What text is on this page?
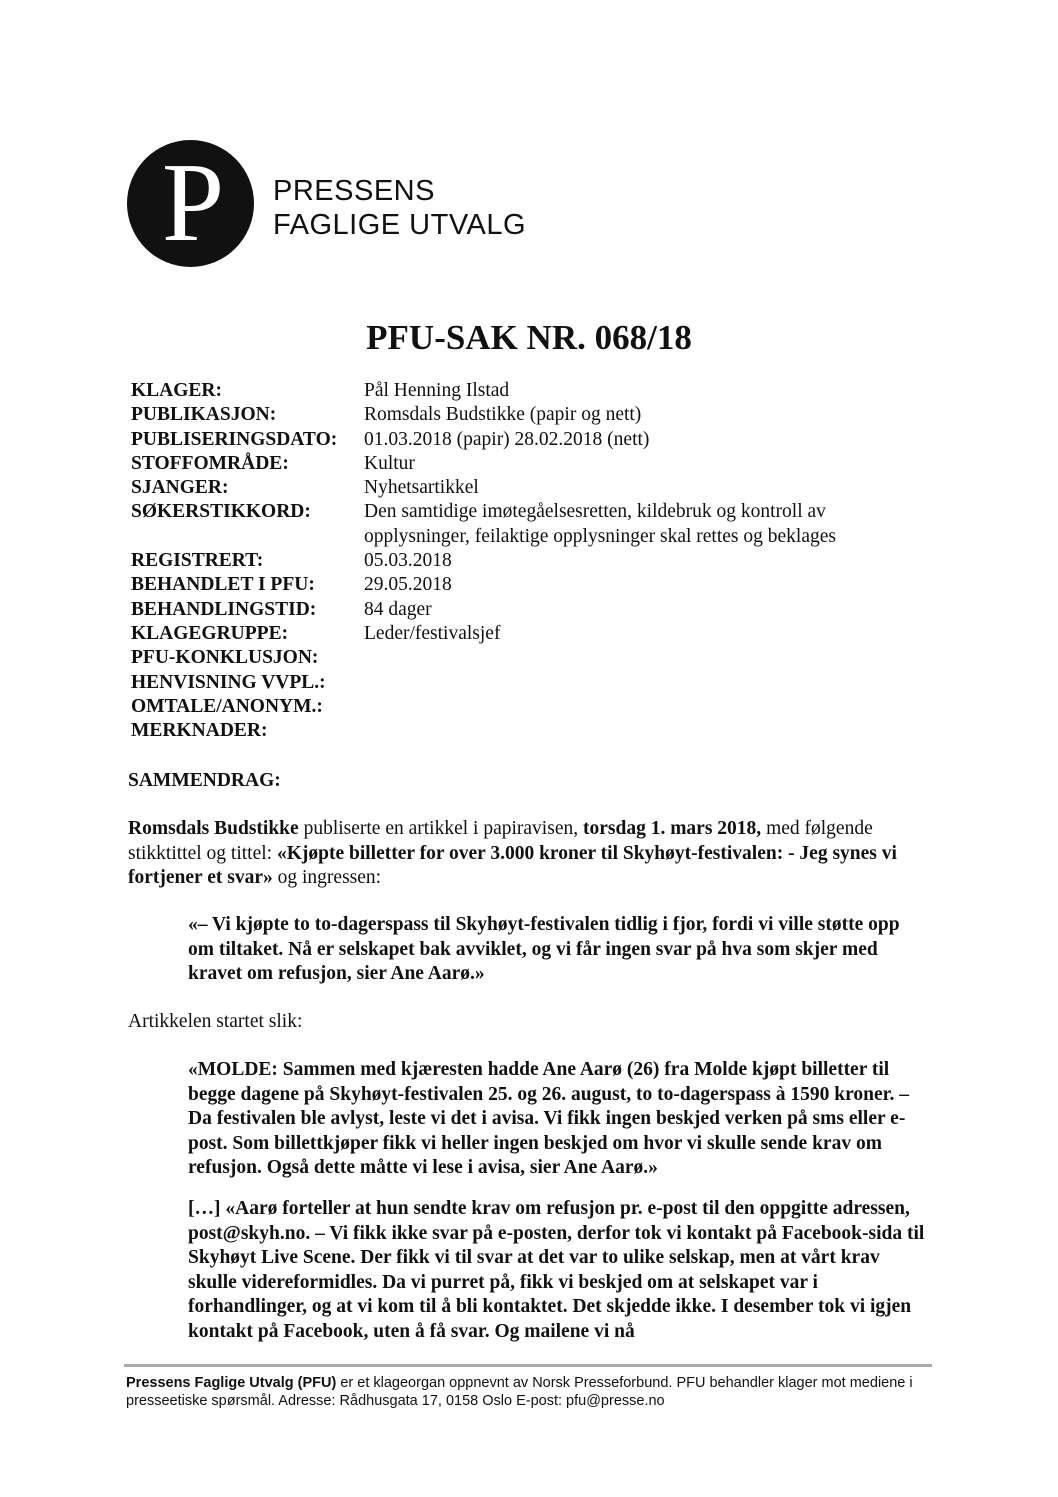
P PRESSENS
FAGLIGE UTVALG
PFU-SAK NR. 068/18
KLAGER:	Pål Henning Ilstad
PUBLIKASJON:	Romsdals Budstikke (papir og nett)
PUBLISERINGSDATO:	01.03.2018 (papir) 28.02.2018 (nett)
STOFFOMRÅDE:	Kultur
SJANGER:	Nyhetsartikkel
SØKERSTIKKORD:	Den samtidige imøtegåelsesretten, kildebruk og kontroll av opplysninger, feilaktige opplysninger skal rettes og beklages
REGISTRERT:	05.03.2018
BEHANDLET I PFU:	29.05.2018
BEHANDLINGSTID:	84 dager
KLAGEGRUPPE:	Leder/festivalsjef
PFU-KONKLUSJON:
HENVISNING VVPL.:
OMTALE/ANONYM.:
MERKNADER:
SAMMENDRAG:
Romsdals Budstikke publiserte en artikkel i papiravisen, torsdag 1. mars 2018, med følgende stikktittel og tittel: «Kjøpte billetter for over 3.000 kroner til Skyhøyt-festivalen: - Jeg synes vi fortjener et svar» og ingressen:
«– Vi kjøpte to to-dagerspass til Skyhøyt-festivalen tidlig i fjor, fordi vi ville støtte opp om tiltaket. Nå er selskapet bak avviklet, og vi får ingen svar på hva som skjer med kravet om refusjon, sier Ane Aarø.»
Artikkelen startet slik:
«MOLDE: Sammen med kjæresten hadde Ane Aarø (26) fra Molde kjøpt billetter til begge dagene på Skyhøyt-festivalen 25. og 26. august, to to-dagerspass à 1590 kroner. – Da festivalen ble avlyst, leste vi det i avisa. Vi fikk ingen beskjed verken på sms eller e-post. Som billettkjøper fikk vi heller ingen beskjed om hvor vi skulle sende krav om refusjon. Også dette måtte vi lese i avisa, sier Ane Aarø.»
[…] «Aarø forteller at hun sendte krav om refusjon pr. e-post til den oppgitte adressen, post@skyh.no. – Vi fikk ikke svar på e-posten, derfor tok vi kontakt på Facebook-sida til Skyhøyt Live Scene. Der fikk vi til svar at det var to ulike selskap, men at vårt krav skulle videreformidles. Da vi purret på, fikk vi beskjed om at selskapet var i forhandlinger, og at vi kom til å bli kontaktet. Det skjedde ikke. I desember tok vi igjen kontakt på Facebook, uten å få svar. Og mailene vi nå
Pressens Faglige Utvalg (PFU) er et klageorgan oppnevnt av Norsk Presseforbund. PFU behandler klager mot mediene i presseetiske spørsmål. Adresse: Rådhusgata 17, 0158 Oslo E-post: pfu@presse.no
